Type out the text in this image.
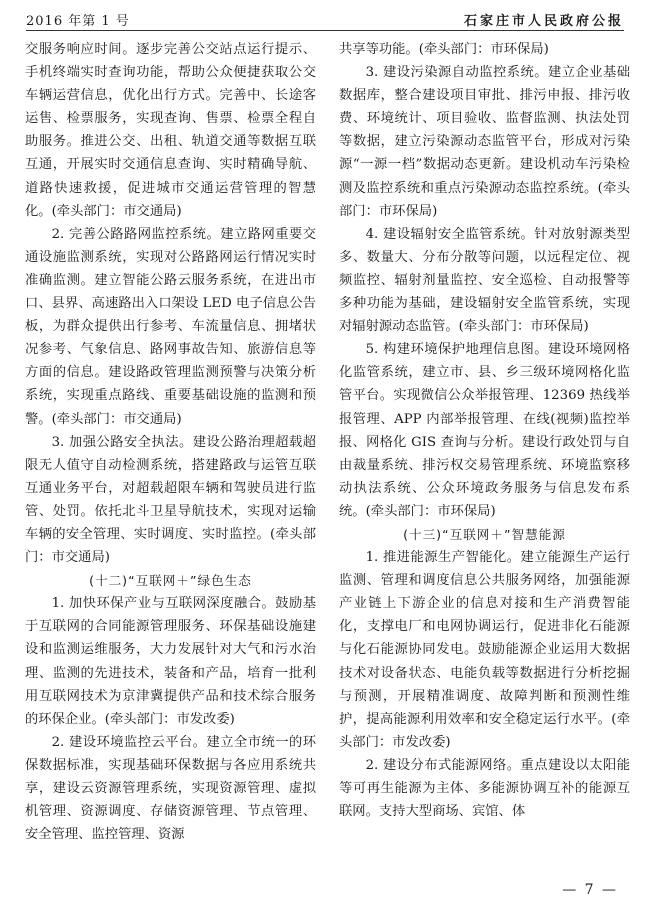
2016 年第 1 号	石家庄市人民政府公报

交服务响应时间。逐步完善公交站点运行提示、手机终端实时查询功能，帮助公众便捷获取公交车辆运营信息，优化出行方式。完善中、长途客运售、检票服务，实现查询、售票、检票全程自助服务。推进公交、出租、轨道交通等数据互联互通，开展实时交通信息查询、实时精确导航、道路快速救援，促进城市交通运营管理的智慧化。(牵头部门：市交通局)

2. 完善公路路网监控系统。建立路网重要交通设施监测系统，实现对公路路网运行情况实时准确监测。建立智能公路云服务系统，在进出市口、县界、高速路出入口架设 LED 电子信息公告板，为群众提供出行参考、车流量信息、拥堵状况参考、气象信息、路网事故告知、旅游信息等方面的信息。建设路政管理监测预警与决策分析系统，实现重点路线、重要基础设施的监测和预警。(牵头部门：市交通局)

3. 加强公路安全执法。建设公路治理超载超限无人值守自动检测系统，搭建路政与运管互联互通业务平台，对超载超限车辆和驾驶员进行监管、处罚。依托北斗卫星导航技术，实现对运输车辆的安全管理、实时调度、实时监控。(牵头部门：市交通局)

(十二)“互联网＋”绿色生态

1. 加快环保产业与互联网深度融合。鼓励基于互联网的合同能源管理服务、环保基础设施建设和监测运维服务，大力发展针对大气和污水治理、监测的先进技术，装备和产品，培育一批利用互联网技术为京津冀提供产品和技术综合服务的环保企业。(牵头部门：市发改委)

2. 建设环境监控云平台。建立全市统一的环保数据标准，实现基础环保数据与各应用系统共享，建设云资源管理系统，实现资源管理、虚拟机管理、资源调度、存储资源管理、节点管理、安全管理、监控管理、资源

共享等功能。(牵头部门：市环保局)

3. 建设污染源自动监控系统。建立企业基础数据库，整合建设项目审批、排污申报、排污收费、环境统计、项目验收、监督监测、执法处罚等数据，建立污染源动态监管平台，形成对污染源“一源一档”数据动态更新。建设机动车污染检测及监控系统和重点污染源动态监控系统。(牵头部门：市环保局)

4. 建设辐射安全监管系统。针对放射源类型多、数量大、分布分散等问题，以远程定位、视频监控、辐射剂量监控、安全巡检、自动报警等多种功能为基础，建设辐射安全监管系统，实现对辐射源动态监管。(牵头部门：市环保局)

5. 构建环境保护地理信息图。建设环境网格化监管系统，建立市、县、乡三级环境网格化监管平台。实现微信公众举报管理、12369 热线举报管理、APP 内部举报管理、在线(视频)监控举报、网格化 GIS 查询与分析。建设行政处罚与自由裁量系统、排污权交易管理系统、环境监察移动执法系统、公众环境政务服务与信息发布系统。(牵头部门：市环保局)

(十三)“互联网＋”智慧能源

1. 推进能源生产智能化。建立能源生产运行监测、管理和调度信息公共服务网络，加强能源产业链上下游企业的信息对接和生产消费智能化，支撑电厂和电网协调运行，促进非化石能源与化石能源协同发电。鼓励能源企业运用大数据技术对设备状态、电能负载等数据进行分析挖掘与预测，开展精准调度、故障判断和预测性维护，提高能源利用效率和安全稳定运行水平。(牵头部门：市发改委)

2. 建设分布式能源网络。重点建设以太阳能等可再生能源为主体、多能源协调互补的能源互联网。支持大型商场、宾馆、体

— 7 —
